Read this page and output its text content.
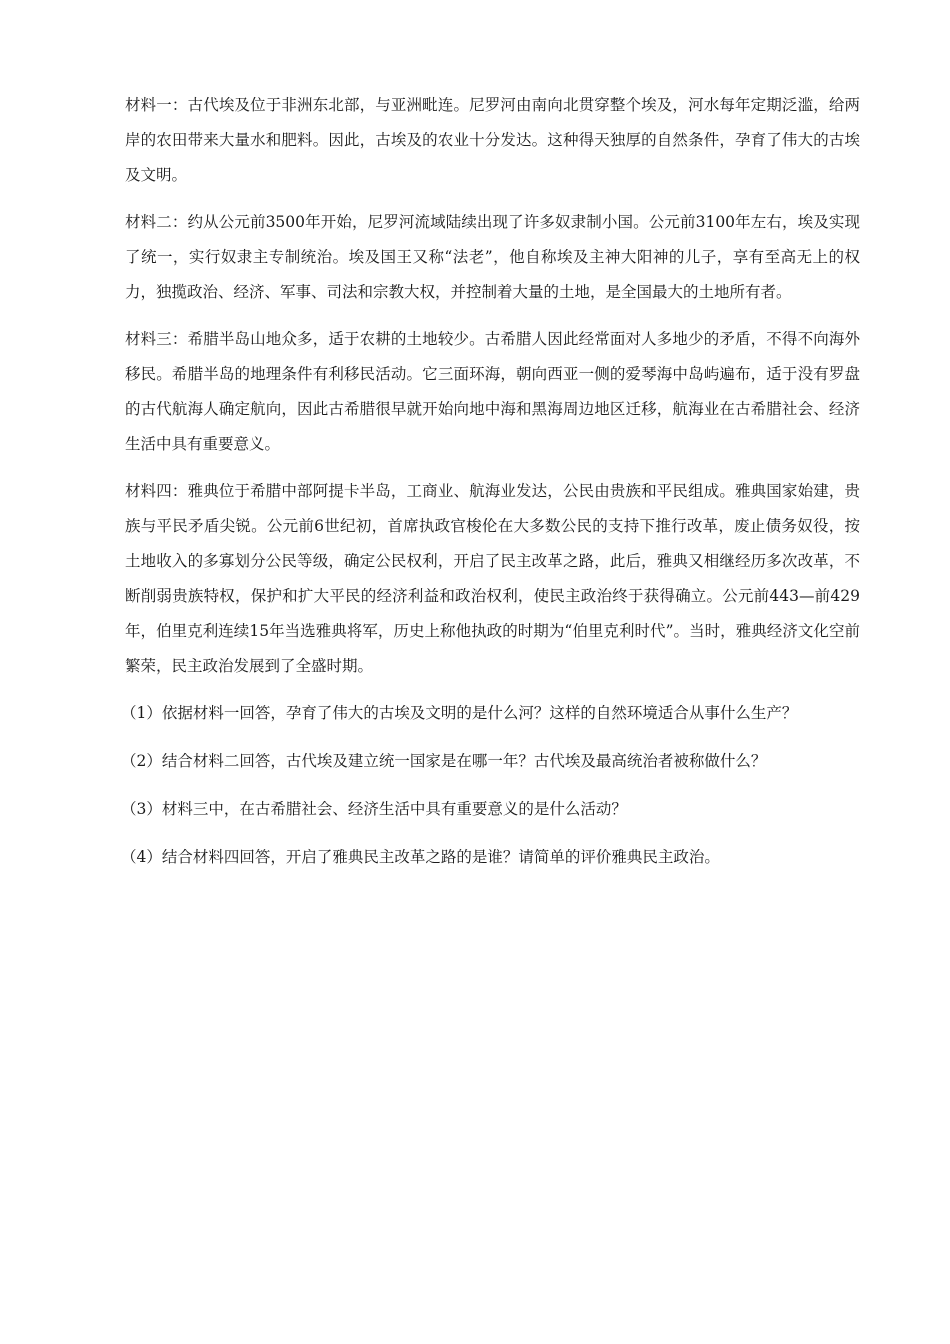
材料一：古代埃及位于非洲东北部，与亚洲毗连。尼罗河由南向北贯穿整个埃及，河水每年定期泛滥，给两岸的农田带来大量水和肥料。因此，古埃及的农业十分发达。这种得天独厚的自然条件，孕育了伟大的古埃及文明。

材料二：约从公元前3500年开始，尼罗河流域陆续出现了许多奴隶制小国。公元前3100年左右，埃及实现了统一，实行奴隶主专制统治。埃及国王又称“法老”，他自称埃及主神大阳神的儿子，享有至高无上的权力，独揽政治、经济、军事、司法和宗教大权，并控制着大量的土地，是全国最大的土地所有者。

材料三：希腊半岛山地众多，适于农耕的土地较少。古希腊人因此经常面对人多地少的矛盾，不得不向海外移民。希腊半岛的地理条件有利移民活动。它三面环海，朝向西亚一侧的爱琴海中岛屿遍布，适于没有罗盘的古代航海人确定航向，因此古希腊很早就开始向地中海和黑海周边地区迁移，航海业在古希腊社会、经济生活中具有重要意义。

材料四：雅典位于希腊中部阿提卡半岛，工商业、航海业发达，公民由贵族和平民组成。雅典国家始建，贵族与平民矛盾尖锐。公元前6世纪初，首席执政官梭伦在大多数公民的支持下推行改革，废止债务奴役，按土地收入的多寡划分公民等级，确定公民权利，开启了民主改革之路，此后，雅典又相继经历多次改革，不断削弱贵族特权，保护和扩大平民的经济利益和政治权利，使民主政治终于获得确立。公元前443—前429年，伯里克利连续15年当选雅典将军，历史上称他执政的时期为“伯里克利时代”。当时，雅典经济文化空前繁荣，民主政治发展到了全盛时期。

（1）依据材料一回答，孕育了伟大的古埃及文明的是什么河？这样的自然环境适合从事什么生产？

（2）结合材料二回答，古代埃及建立统一国家是在哪一年？古代埃及最高统治者被称做什么？

（3）材料三中，在古希腊社会、经济生活中具有重要意义的是什么活动？

（4）结合材料四回答，开启了雅典民主改革之路的是谁？请简单的评价雅典民主政治。
